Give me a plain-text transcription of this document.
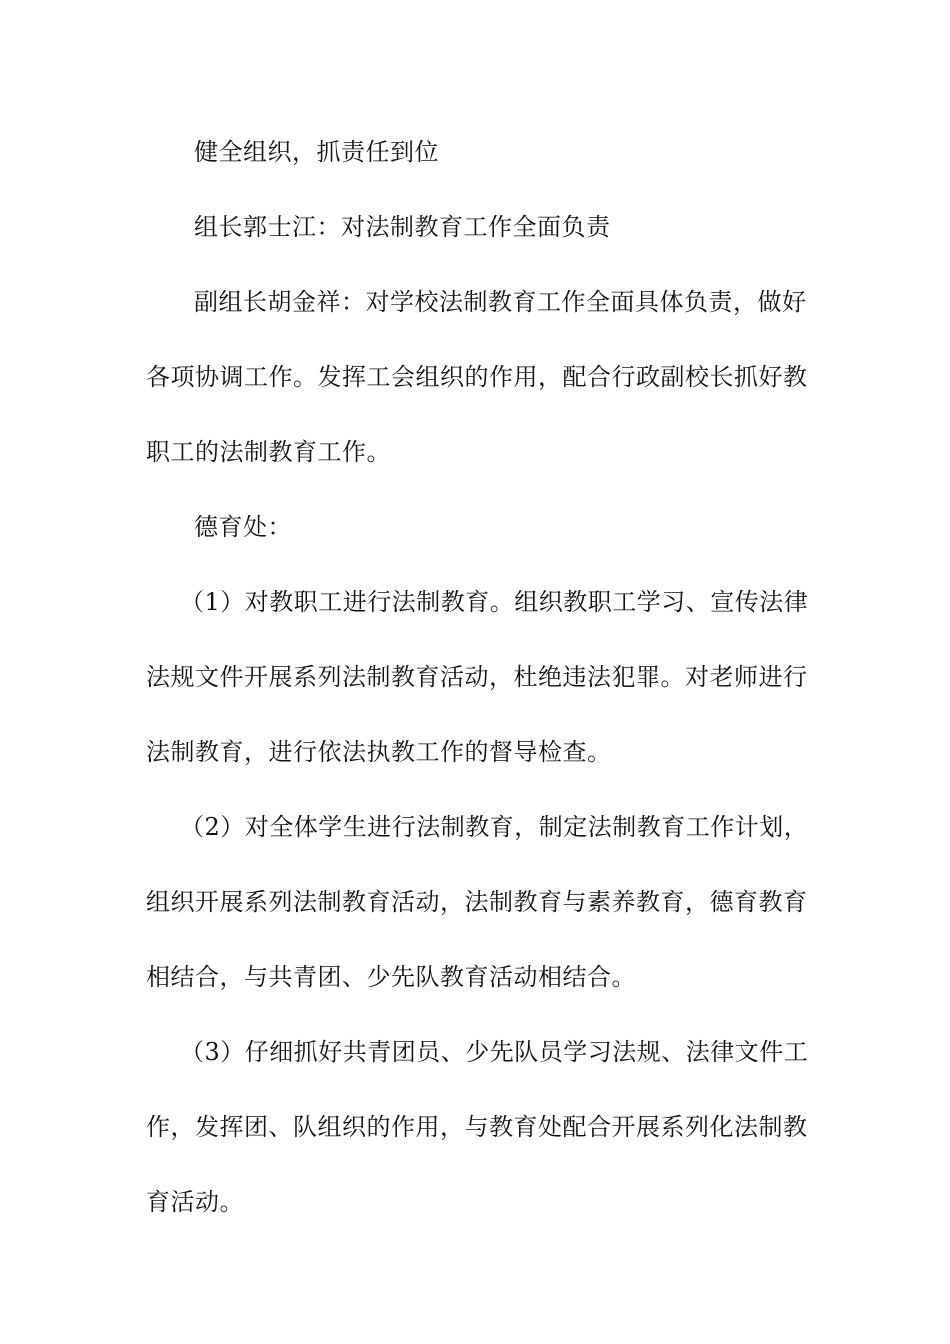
健全组织，抓责任到位
组长郭士江：对法制教育工作全面负责
副组长胡金祥：对学校法制教育工作全面具体负责，做好
各项协调工作。发挥工会组织的作用，配合行政副校长抓好教
职工的法制教育工作。
德育处：
（1）对教职工进行法制教育。组织教职工学习、宣传法律
法规文件开展系列法制教育活动，杜绝违法犯罪。对老师进行
法制教育，进行依法执教工作的督导检查。
（2）对全体学生进行法制教育，制定法制教育工作计划，
组织开展系列法制教育活动，法制教育与素养教育，德育教育
相结合，与共青团、少先队教育活动相结合。
（3）仔细抓好共青团员、少先队员学习法规、法律文件工
作，发挥团、队组织的作用，与教育处配合开展系列化法制教
育活动。
